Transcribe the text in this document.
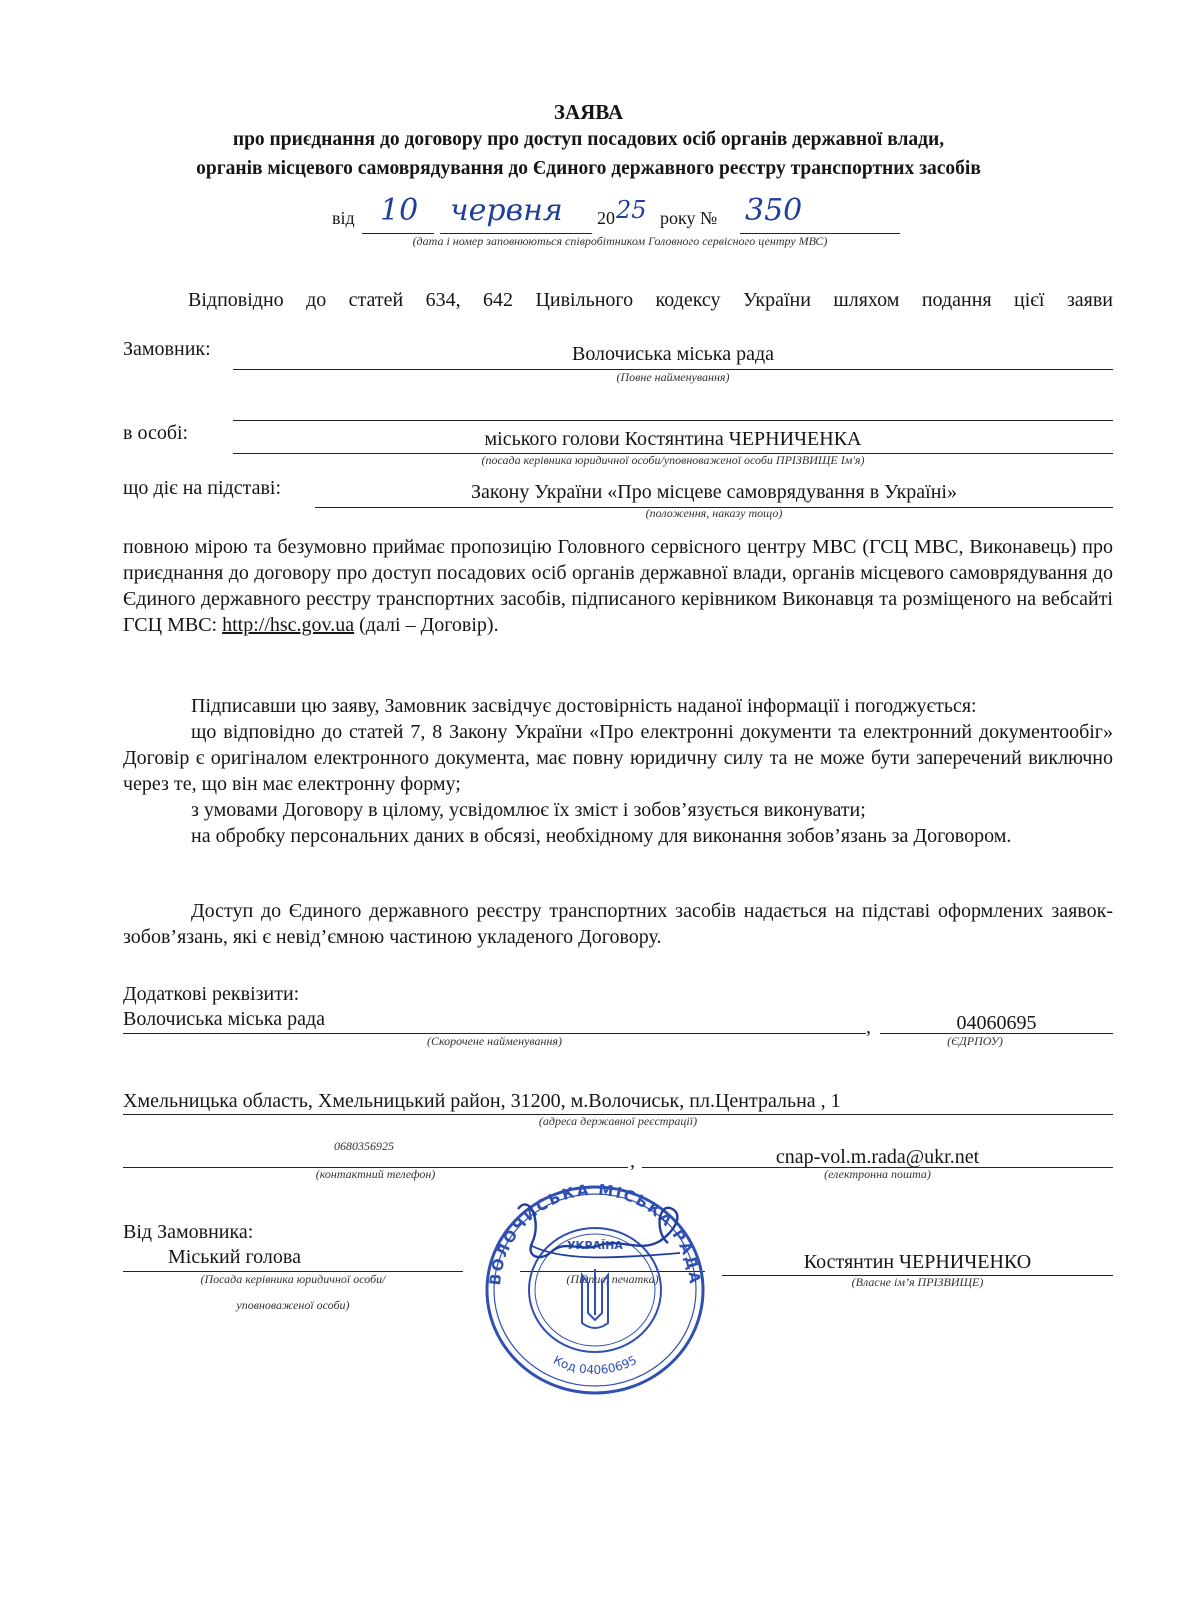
ЗАЯВА
про приєднання до договору про доступ посадових осіб органів державної влади,
органів місцевого самоврядування до Єдиного державного реєстру транспортних засобів
від 10 червня 20 25 року № 350
(дата і номер заповнюються співробітником Головного сервісного центру МВС)
Відповідно до статей 634, 642 Цивільного кодексу України шляхом подання цієї заяви
Замовник:	Волочиська міська рада
(Повне найменування)
в особі:	міського голови Костянтина ЧЕРНИЧЕНКА
(посада керівника юридичної особи/уповноваженої особи ПРІЗВИЩЕ Ім'я)
що діє на підставі:	Закону України «Про місцеве самоврядування в Україні»
(положення, наказу тощо)

повною мірою та безумовно приймає пропозицію Головного сервісного центру МВС (ГСЦ МВС, Виконавець) про приєднання до договору про доступ посадових осіб органів державної влади, органів місцевого самоврядування до Єдиного державного реєстру транспортних засобів, підписаного керівником Виконавця та розміщеного на вебсайті ГСЦ МВС: http://hsc.gov.ua (далі – Договір).

Підписавши цю заяву, Замовник засвідчує достовірність наданої інформації і погоджується:

що відповідно до статей 7, 8 Закону України «Про електронні документи та електронний документообіг» Договір є оригіналом електронного документа, має повну юридичну силу та не може бути заперечений виключно через те, що він має електронну форму;

з умовами Договору в цілому, усвідомлює їх зміст і зобов’язується виконувати;

на обробку персональних даних в обсязі, необхідному для виконання зобов’язань за Договором.

Доступ до Єдиного державного реєстру транспортних засобів надається на підставі оформлених заявок-зобов’язань, які є невід’ємною частиною укладеного Договору.

Додаткові реквізити:
Волочиська міська рада
(Скорочене найменування)
,	04060695
(ЄДРПОУ)
Хмельницька область, Хмельницький район, 31200, м.Волочиськ, пл.Центральна , 1
(адреса державної реєстрації)
0680356925
(контактний телефон)
,	cnap-vol.m.rada@ukr.net
(електронна пошта)
Від Замовника:
Міський голова
(Посада керівника юридичної особи/
уповноваженої особи)
(Підпис, печатка)
Костянтин ЧЕРНИЧЕНКО
(Власне ім’я ПРІЗВИЩЕ)
ВОЛОЧИСЬКА МІСЬКА РАДА
Код 04060695
УКРАЇНА
